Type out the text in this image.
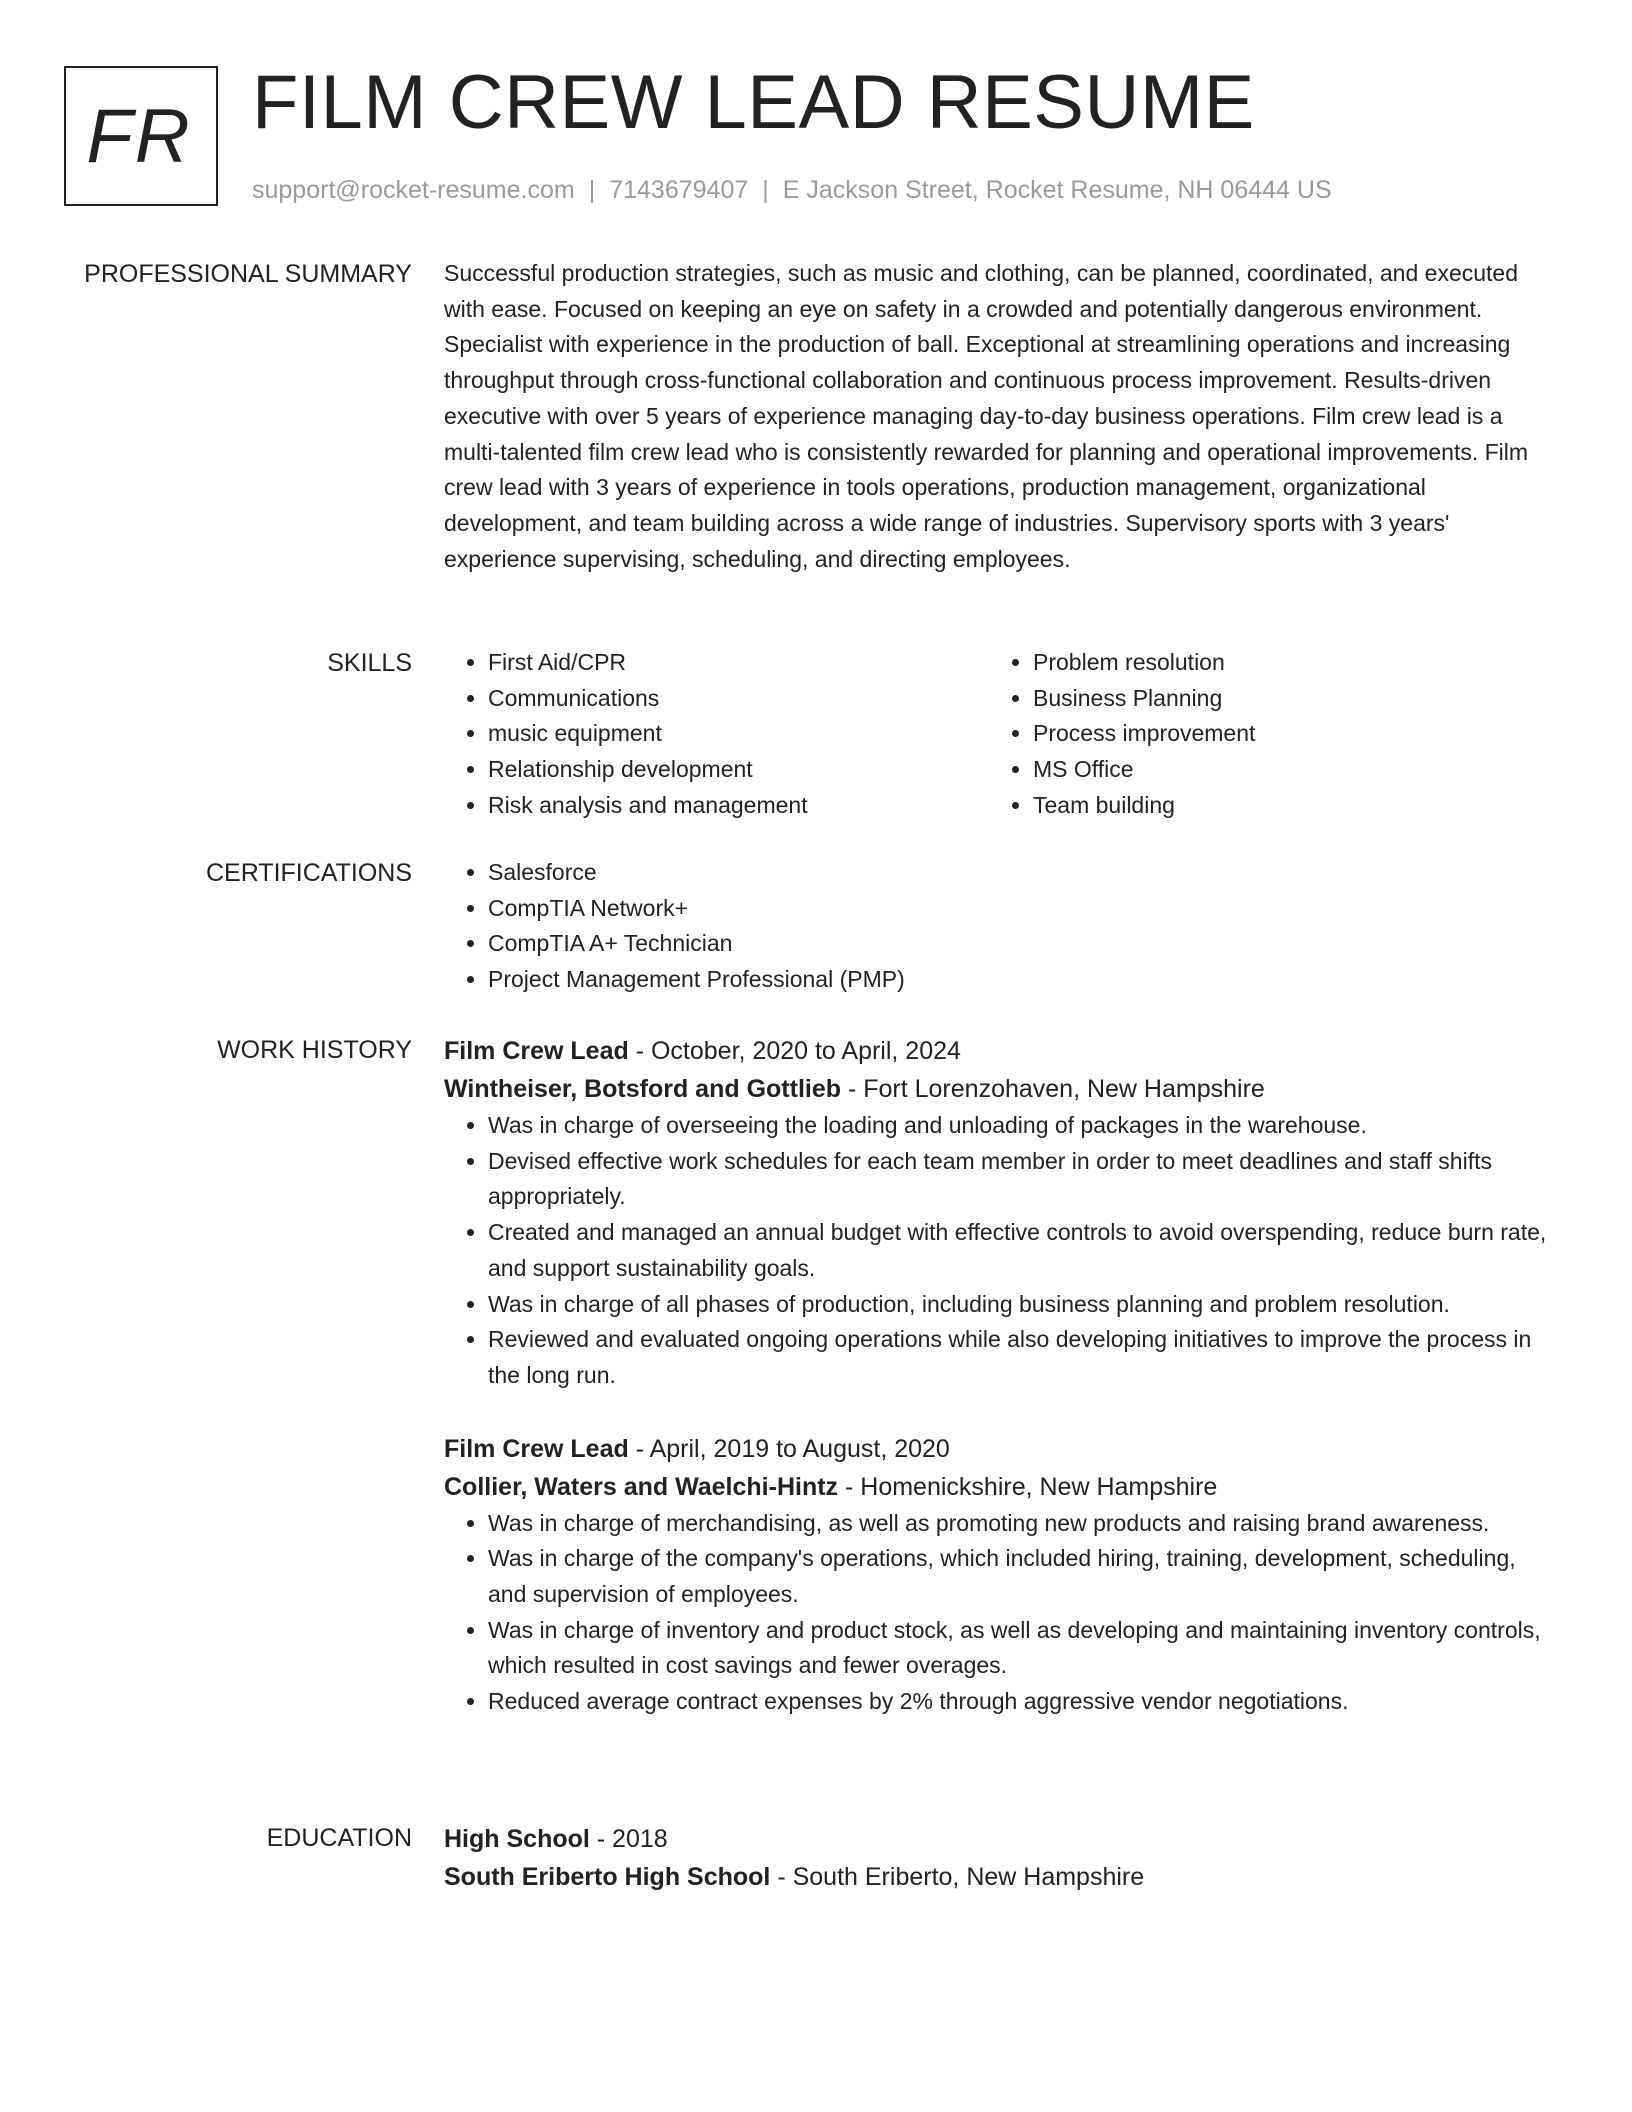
FR FILM CREW LEAD RESUME
support@rocket-resume.com | 7143679407 | E Jackson Street, Rocket Resume, NH 06444 US
PROFESSIONAL SUMMARY Successful production strategies, such as music and clothing, can be planned, coordinated, and executed with ease. Focused on keeping an eye on safety in a crowded and potentially dangerous environment. Specialist with experience in the production of ball. Exceptional at streamlining operations and increasing throughput through cross-functional collaboration and continuous process improvement. Results-driven executive with over 5 years of experience managing day-to-day business operations. Film crew lead is a multi-talented film crew lead who is consistently rewarded for planning and operational improvements. Film crew lead with 3 years of experience in tools operations, production management, organizational development, and team building across a wide range of industries. Supervisory sports with 3 years' experience supervising, scheduling, and directing employees.

SKILLS	• First Aid/CPR
• Communications
• music equipment
• Relationship development
• Risk analysis and management
• Problem resolution
• Business Planning
• Process improvement
• MS Office
• Team building
CERTIFICATIONS	• Salesforce
• CompTIA Network+
• CompTIA A+ Technician
• Project Management Professional (PMP)
WORK HISTORY Film Crew Lead - October, 2020 to April, 2024
Wintheiser, Botsford and Gottlieb - Fort Lorenzohaven, New Hampshire
• Was in charge of overseeing the loading and unloading of packages in the warehouse.
• Devised effective work schedules for each team member in order to meet deadlines and staff shifts appropriately.
• Created and managed an annual budget with effective controls to avoid overspending, reduce burn rate, and support sustainability goals.
• Was in charge of all phases of production, including business planning and problem resolution.
• Reviewed and evaluated ongoing operations while also developing initiatives to improve the process in the long run.
Film Crew Lead - April, 2019 to August, 2020
Collier, Waters and Waelchi-Hintz - Homenickshire, New Hampshire
• Was in charge of merchandising, as well as promoting new products and raising brand awareness.
• Was in charge of the company's operations, which included hiring, training, development, scheduling, and supervision of employees.
• Was in charge of inventory and product stock, as well as developing and maintaining inventory controls, which resulted in cost savings and fewer overages.
• Reduced average contract expenses by 2% through aggressive vendor negotiations.
EDUCATION High School - 2018
South Eriberto High School - South Eriberto, New Hampshire
